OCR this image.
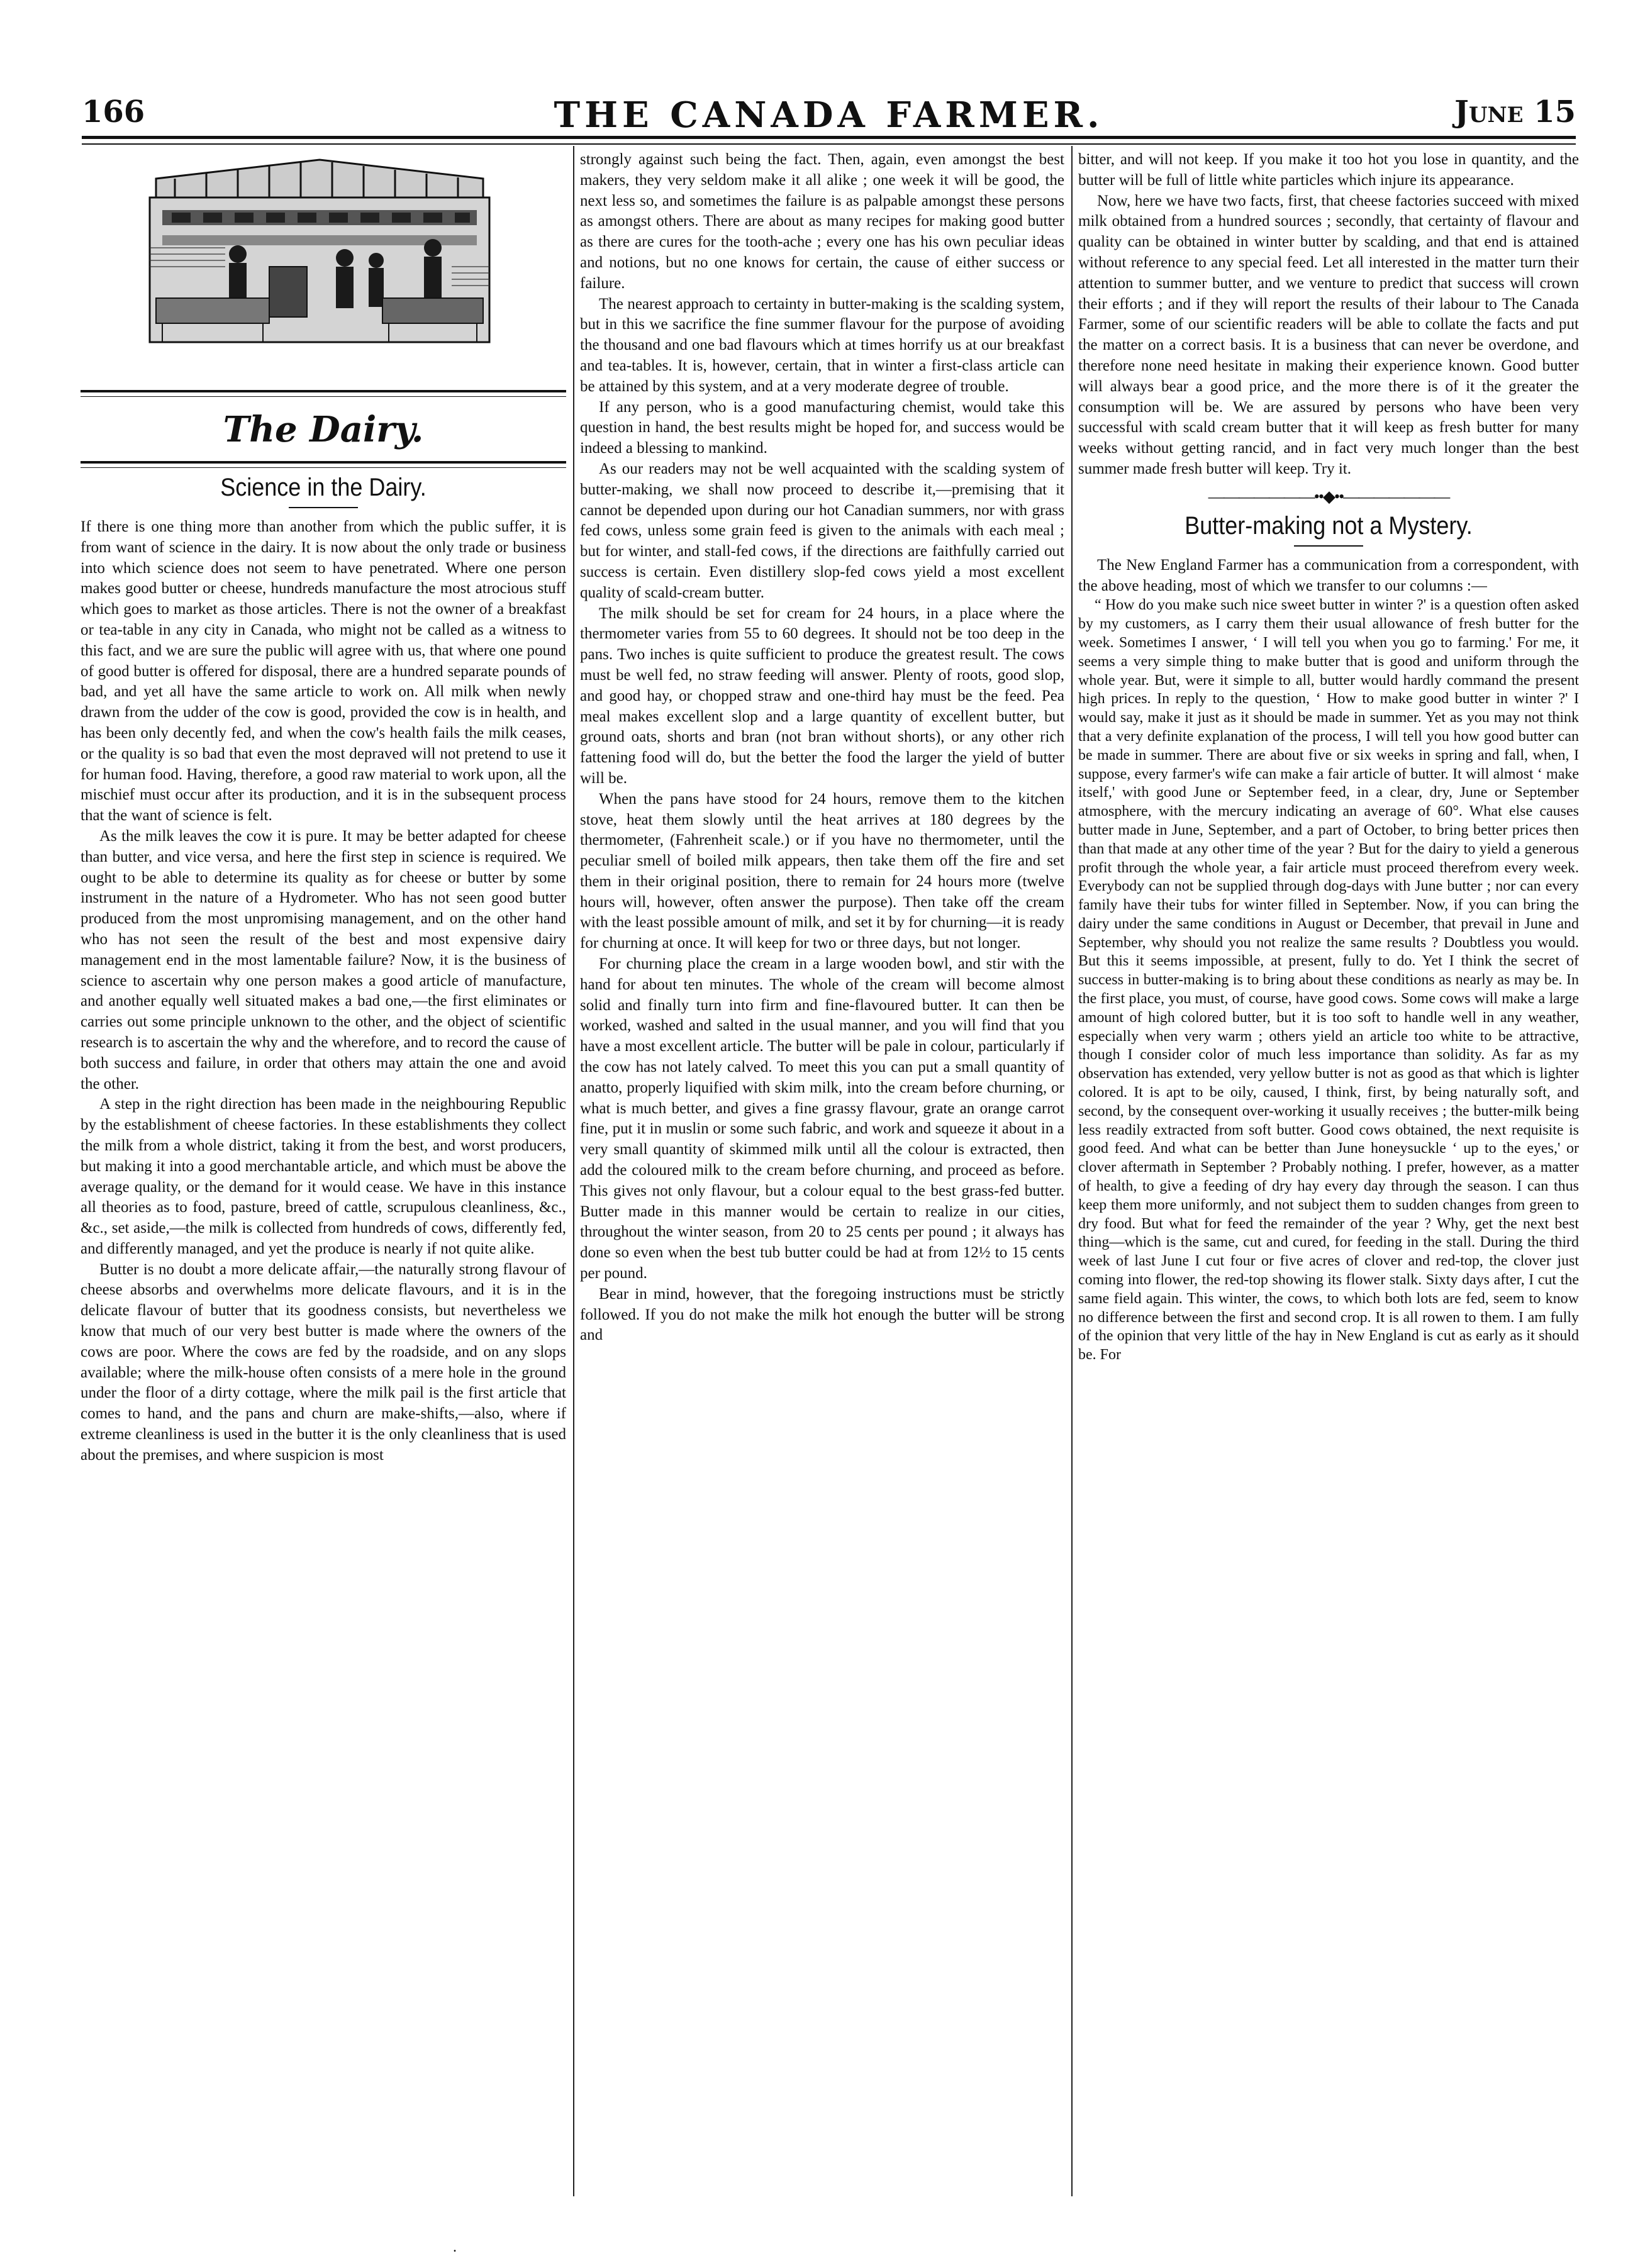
166	THE CANADA FARMER.	June 15
The Dairy.
Science in the Dairy.

If there is one thing more than another from which the public suffer, it is from want of science in the dairy. It is now about the only trade or business into which science does not seem to have penetrated. Where one person makes good butter or cheese, hundreds manufacture the most atrocious stuff which goes to market as those articles. There is not the owner of a breakfast or tea-table in any city in Canada, who might not be called as a witness to this fact, and we are sure the public will agree with us, that where one pound of good butter is offered for disposal, there are a hundred separate pounds of bad, and yet all have the same article to work on. All milk when newly drawn from the udder of the cow is good, provided the cow is in health, and has been only decently fed, and when the cow's health fails the milk ceases, or the quality is so bad that even the most depraved will not pretend to use it for human food. Having, therefore, a good raw material to work upon, all the mischief must occur after its production, and it is in the subsequent process that the want of science is felt.

As the milk leaves the cow it is pure. It may be better adapted for cheese than butter, and vice versa, and here the first step in science is required. We ought to be able to determine its quality as for cheese or butter by some instrument in the nature of a Hydrometer. Who has not seen good butter produced from the most unpromising management, and on the other hand who has not seen the result of the best and most expensive dairy management end in the most lamentable failure? Now, it is the business of science to ascertain why one person makes a good article of manufacture, and another equally well situated makes a bad one,—the first eliminates or carries out some principle unknown to the other, and the object of scientific research is to ascertain the why and the wherefore, and to record the cause of both success and failure, in order that others may attain the one and avoid the other.

A step in the right direction has been made in the neighbouring Republic by the establishment of cheese factories. In these establishments they collect the milk from a whole district, taking it from the best, and worst producers, but making it into a good merchantable article, and which must be above the average quality, or the demand for it would cease. We have in this instance all theories as to food, pasture, breed of cattle, scrupulous cleanliness, &c., &c., set aside,—the milk is collected from hundreds of cows, differently fed, and differently managed, and yet the produce is nearly if not quite alike.

Butter is no doubt a more delicate affair,—the naturally strong flavour of cheese absorbs and overwhelms more delicate flavours, and it is in the delicate flavour of butter that its goodness consists, but nevertheless we know that much of our very best butter is made where the owners of the cows are poor. Where the cows are fed by the roadside, and on any slops available; where the milk-house often consists of a mere hole in the ground under the floor of a dirty cottage, where the milk pail is the first article that comes to hand, and the pans and churn are make-shifts,—also, where if extreme cleanliness is used in the butter it is the only cleanliness that is used about the premises, and where suspicion is most

strongly against such being the fact. Then, again, even amongst the best makers, they very seldom make it all alike ; one week it will be good, the next less so, and sometimes the failure is as palpable amongst these persons as amongst others. There are about as many recipes for making good butter as there are cures for the tooth-ache ; every one has his own peculiar ideas and notions, but no one knows for certain, the cause of either success or failure.

The nearest approach to certainty in butter-making is the scalding system, but in this we sacrifice the fine summer flavour for the purpose of avoiding the thousand and one bad flavours which at times horrify us at our breakfast and tea-tables. It is, however, certain, that in winter a first-class article can be attained by this system, and at a very moderate degree of trouble.

If any person, who is a good manufacturing chemist, would take this question in hand, the best results might be hoped for, and success would be indeed a blessing to mankind.

As our readers may not be well acquainted with the scalding system of butter-making, we shall now proceed to describe it,—premising that it cannot be depended upon during our hot Canadian summers, nor with grass fed cows, unless some grain feed is given to the animals with each meal ; but for winter, and stall-fed cows, if the directions are faithfully carried out success is certain. Even distillery slop-fed cows yield a most excellent quality of scald-cream butter.

The milk should be set for cream for 24 hours, in a place where the thermometer varies from 55 to 60 degrees. It should not be too deep in the pans. Two inches is quite sufficient to produce the greatest result. The cows must be well fed, no straw feeding will answer. Plenty of roots, good slop, and good hay, or chopped straw and one-third hay must be the feed. Pea meal makes excellent slop and a large quantity of excellent butter, but ground oats, shorts and bran (not bran without shorts), or any other rich fattening food will do, but the better the food the larger the yield of butter will be.

When the pans have stood for 24 hours, remove them to the kitchen stove, heat them slowly until the heat arrives at 180 degrees by the thermometer, (Fahrenheit scale.) or if you have no thermometer, until the peculiar smell of boiled milk appears, then take them off the fire and set them in their original position, there to remain for 24 hours more (twelve hours will, however, often answer the purpose). Then take off the cream with the least possible amount of milk, and set it by for churning—it is ready for churning at once. It will keep for two or three days, but not longer.

For churning place the cream in a large wooden bowl, and stir with the hand for about ten minutes. The whole of the cream will become almost solid and finally turn into firm and fine-flavoured butter. It can then be worked, washed and salted in the usual manner, and you will find that you have a most excellent article. The butter will be pale in colour, particularly if the cow has not lately calved. To meet this you can put a small quantity of anatto, properly liquified with skim milk, into the cream before churning, or what is much better, and gives a fine grassy flavour, grate an orange carrot fine, put it in muslin or some such fabric, and work and squeeze it about in a very small quantity of skimmed milk until all the colour is extracted, then add the coloured milk to the cream before churning, and proceed as before. This gives not only flavour, but a colour equal to the best grass-fed butter. Butter made in this manner would be certain to realize in our cities, throughout the winter season, from 20 to 25 cents per pound ; it always has done so even when the best tub butter could be had at from 12½ to 15 cents per pound.

Bear in mind, however, that the foregoing instructions must be strictly followed. If you do not make the milk hot enough the butter will be strong and

bitter, and will not keep. If you make it too hot you lose in quantity, and the butter will be full of little white particles which injure its appearance.

Now, here we have two facts, first, that cheese factories succeed with mixed milk obtained from a hundred sources ; secondly, that certainty of flavour and quality can be obtained in winter butter by scalding, and that end is attained without reference to any special feed. Let all interested in the matter turn their attention to summer butter, and we venture to predict that success will crown their efforts ; and if they will report the results of their labour to The Canada Farmer, some of our scientific readers will be able to collate the facts and put the matter on a correct basis. It is a business that can never be overdone, and therefore none need hesitate in making their experience known. Good butter will always bear a good price, and the more there is of it the greater the consumption will be. We are assured by persons who have been very successful with scald cream butter that it will keep as fresh butter for many weeks without getting rancid, and in fact very much longer than the best summer made fresh butter will keep. Try it.

―――――――••◆••―――――――
Butter-making not a Mystery.

The New England Farmer has a communication from a correspondent, with the above heading, most of which we transfer to our columns :—

“ How do you make such nice sweet butter in winter ?' is a question often asked by my customers, as I carry them their usual allowance of fresh butter for the week. Sometimes I answer, ‘ I will tell you when you go to farming.' For me, it seems a very simple thing to make butter that is good and uniform through the whole year. But, were it simple to all, butter would hardly command the present high prices. In reply to the question, ‘ How to make good butter in winter ?' I would say, make it just as it should be made in summer. Yet as you may not think that a very definite explanation of the process, I will tell you how good butter can be made in summer. There are about five or six weeks in spring and fall, when, I suppose, every farmer's wife can make a fair article of butter. It will almost ‘ make itself,' with good June or September feed, in a clear, dry, June or September atmosphere, with the mercury indicating an average of 60°. What else causes butter made in June, September, and a part of October, to bring better prices then than that made at any other time of the year ? But for the dairy to yield a generous profit through the whole year, a fair article must proceed therefrom every week. Everybody can not be supplied through dog-days with June butter ; nor can every family have their tubs for winter filled in September. Now, if you can bring the dairy under the same conditions in August or December, that prevail in June and September, why should you not realize the same results ? Doubtless you would. But this it seems impossible, at present, fully to do. Yet I think the secret of success in butter-making is to bring about these conditions as nearly as may be. In the first place, you must, of course, have good cows. Some cows will make a large amount of high colored butter, but it is too soft to handle well in any weather, especially when very warm ; others yield an article too white to be attractive, though I consider color of much less importance than solidity. As far as my observation has extended, very yellow butter is not as good as that which is lighter colored. It is apt to be oily, caused, I think, first, by being naturally soft, and second, by the consequent over-working it usually receives ; the butter-milk being less readily extracted from soft butter. Good cows obtained, the next requisite is good feed. And what can be better than June honeysuckle ‘ up to the eyes,' or clover aftermath in September ? Probably nothing. I prefer, however, as a matter of health, to give a feeding of dry hay every day through the season. I can thus keep them more uniformly, and not subject them to sudden changes from green to dry food. But what for feed the remainder of the year ? Why, get the next best thing—which is the same, cut and cured, for feeding in the stall. During the third week of last June I cut four or five acres of clover and red-top, the clover just coming into flower, the red-top showing its flower stalk. Sixty days after, I cut the same field again. This winter, the cows, to which both lots are fed, seem to know no difference between the first and second crop. It is all rowen to them. I am fully of the opinion that very little of the hay in New England is cut as early as it should be. For

.
